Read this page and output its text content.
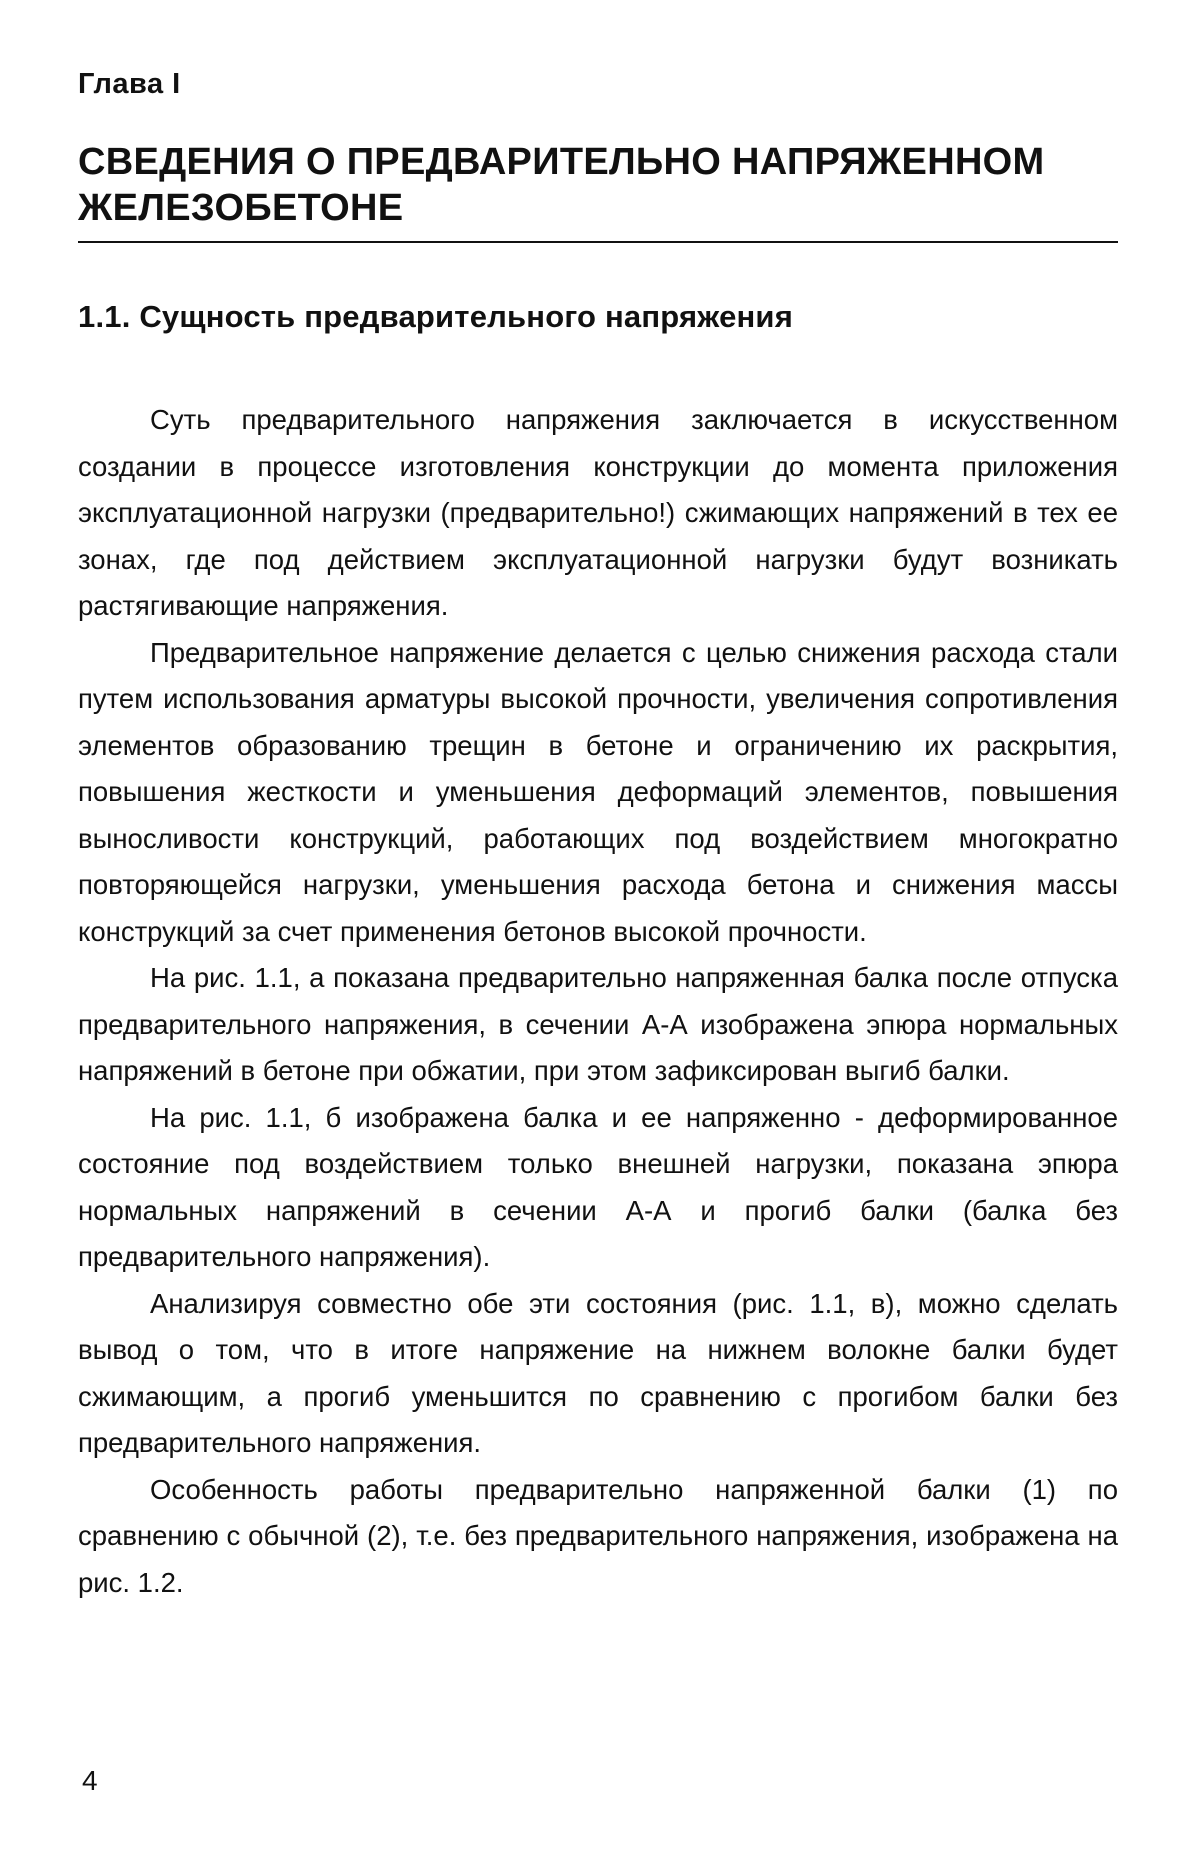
Глава I
СВЕДЕНИЯ О ПРЕДВАРИТЕЛЬНО НАПРЯЖЕННОМ
ЖЕЛЕЗОБЕТОНЕ
1.1. Сущность предварительного напряжения

Суть предварительного напряжения заключается в искусственном создании в процессе изготовления конструкции до момента приложения эксплуатационной нагрузки (предварительно!) сжимающих напряжений в тех ее зонах, где под действием эксплуатационной нагрузки будут возникать растягивающие напряжения.

Предварительное напряжение делается с целью снижения расхода стали путем использования арматуры высокой прочности, увеличения сопротивления элементов образованию трещин в бетоне и ограничению их раскрытия, повышения жесткости и уменьшения деформаций элементов, повышения выносливости конструкций, работающих под воздействием многократно повторяющейся нагрузки, уменьшения расхода бетона и снижения массы конструкций за счет применения бетонов высокой прочности.

На рис. 1.1, а показана предварительно напряженная балка после отпуска предварительного напряжения, в сечении А-А изображена эпюра нормальных напряжений в бетоне при обжатии, при этом зафиксирован выгиб балки.

На рис. 1.1, б изображена балка и ее напряженно - деформированное состояние под воздействием только внешней нагрузки, показана эпюра нормальных напряжений в сечении А-А и прогиб балки (балка без предварительного напряжения).

Анализируя совместно обе эти состояния (рис. 1.1, в), можно сделать вывод о том, что в итоге напряжение на нижнем волокне балки будет сжимающим, а прогиб уменьшится по сравнению с прогибом балки без предварительного напряжения.

Особенность работы предварительно напряженной балки (1) по сравнению с обычной (2), т.е. без предварительного напряжения, изображена на рис. 1.2.

4
